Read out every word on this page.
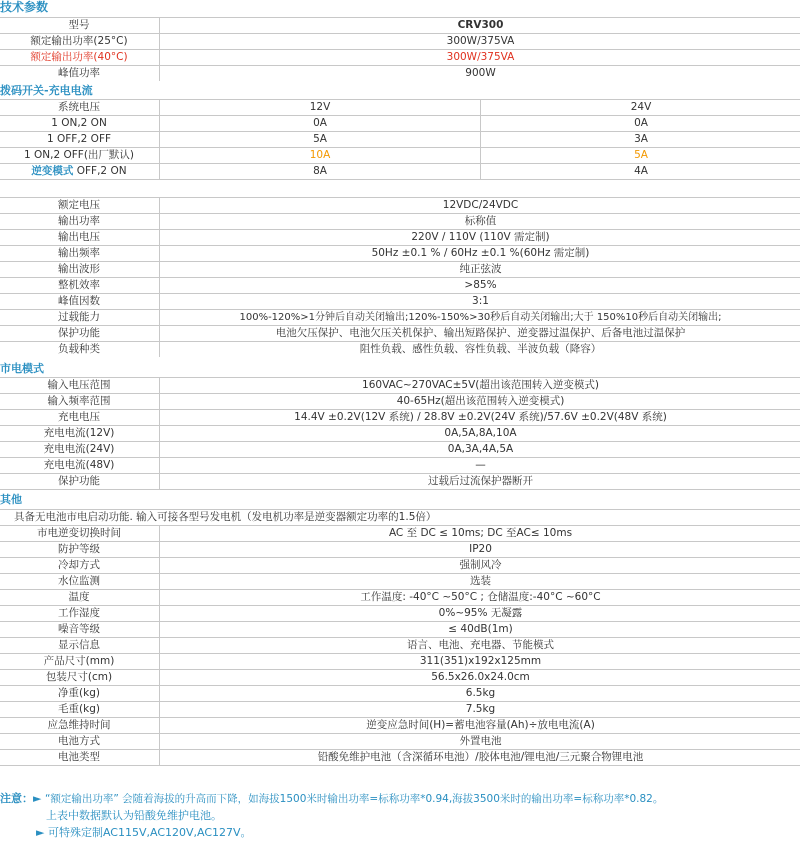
技术参数
型号	CRV300
额定输出功率(25°C)	300W/375VA
额定输出功率(40°C)	300W/375VA
峰值功率	900W
拨码开关-充电电流
系统电压	12V	24V
1 ON,2 ON	0A	0A
1 OFF,2 OFF	5A	3A
1 ON,2 OFF(出厂默认)	10A	5A
逆变模式 OFF,2 ON	8A	4A
额定电压	12VDC/24VDC
输出功率	标称值
输出电压	220V / 110V (110V 需定制)
输出频率	50Hz ±0.1 % / 60Hz ±0.1 %(60Hz 需定制)
输出波形	纯正弦波
整机效率	>85%
峰值因数	3:1
过载能力	100%-120%>1分钟后自动关闭输出;120%-150%>30秒后自动关闭输出;大于 150%10秒后自动关闭输出;
保护功能	电池欠压保护、电池欠压关机保护、输出短路保护、逆变器过温保护、后备电池过温保护
负载种类	阻性负载、感性负载、容性负载、半波负载（降容）
市电模式
输入电压范围	160VAC~270VAC±5V(超出该范围转入逆变模式)
输入频率范围	40-65Hz(超出该范围转入逆变模式)
充电电压	14.4V ±0.2V(12V 系统) / 28.8V ±0.2V(24V 系统)/57.6V ±0.2V(48V 系统)
充电电流(12V)	0A,5A,8A,10A
充电电流(24V)	0A,3A,4A,5A
充电电流(48V)	—
保护功能	过载后过流保护器断开
其他
具备无电池市电启动功能. 输入可接各型号发电机（发电机功率是逆变器额定功率的1.5倍）
市电逆变切换时间	AC 至 DC ≤ 10ms; DC 至AC≤ 10ms
防护等级	IP20
冷却方式	强制风冷
水位监测	选装
温度	工作温度: -40°C ~50°C ; 仓储温度:-40°C ~60°C
工作湿度	0%~95% 无凝露
噪音等级	≤ 40dB(1m)
显示信息	语言、电池、充电器、节能模式
产品尺寸(mm)	311(351)x192x125mm
包装尺寸(cm)	56.5x26.0x24.0cm
净重(kg)	6.5kg
毛重(kg)	7.5kg
应急维持时间	逆变应急时间(H)=蓄电池容量(Ah)÷放电电流(A)
电池方式	外置电池
电池类型	铅酸免维护电池（含深循环电池）/胶体电池/锂电池/三元聚合物锂电池
注意：► “额定输出功率” 会随着海拔的升高而下降，如海拔1500米时输出功率=标称功率*0.94,海拔3500米时的输出功率=标称功率*0.82。
上表中数据默认为铅酸免维护电池。
► 可特殊定制AC115V,AC120V,AC127V。
